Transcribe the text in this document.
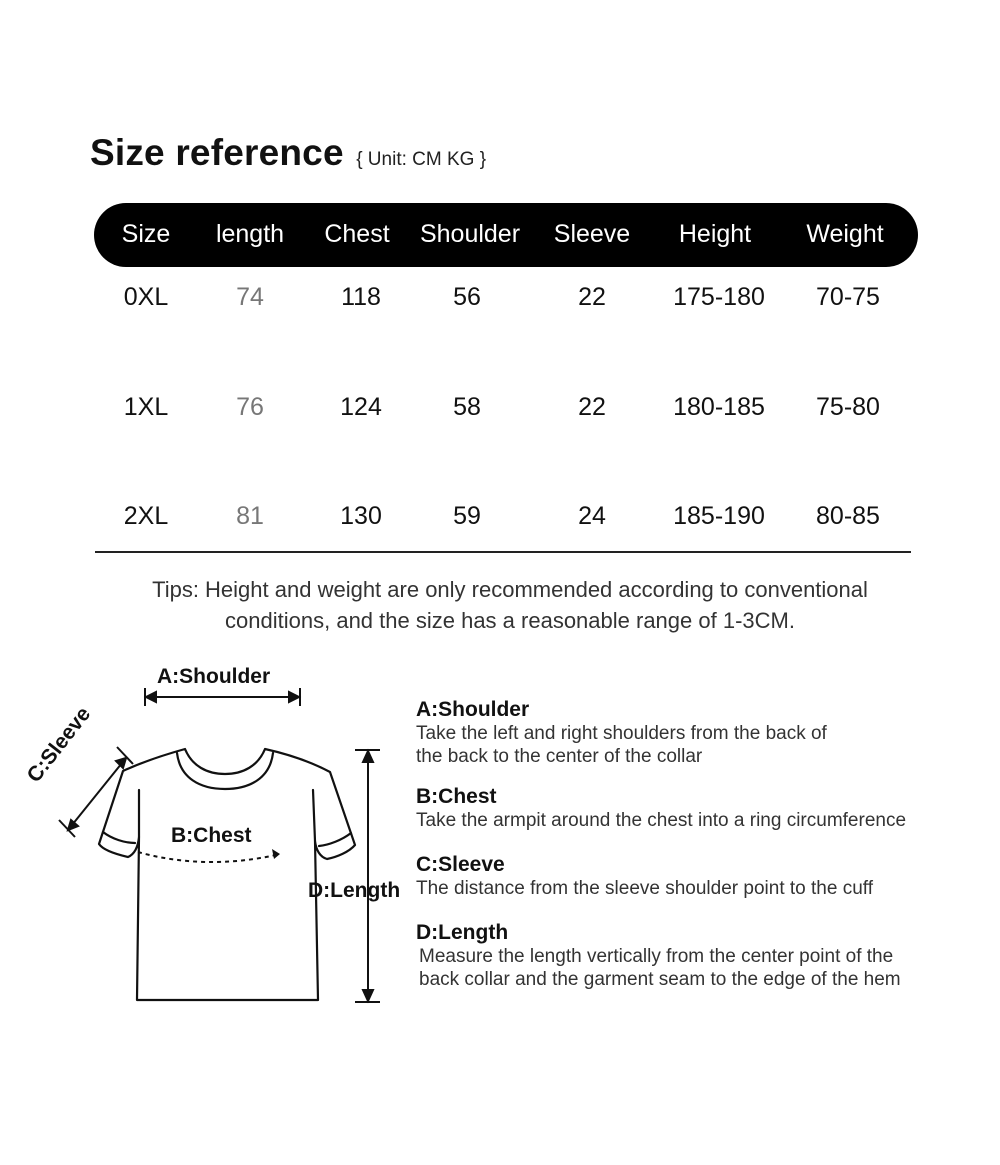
Size reference { Unit: CM KG }
Size length Chest Shoulder Sleeve Height Weight
0XL	74	118	56	22	175-180 70-75
1XL	76	124	58	22	180-185 75-80
2XL	81	130	59	24	185-190 80-85
Tips: Height and weight are only recommended according to conventional
conditions, and the size has a reasonable range of 1-3CM.
A:Shoulder
C:Sleeve
B:Chest
D:Length
A:Shoulder
Take the left and right shoulders from the back of
the back to the center of the collar
B:Chest
Take the armpit around the chest into a ring circumference
C:Sleeve
The distance from the sleeve shoulder point to the cuff
D:Length
Measure the length vertically from the center point of the
back collar and the garment seam to the edge of the hem
